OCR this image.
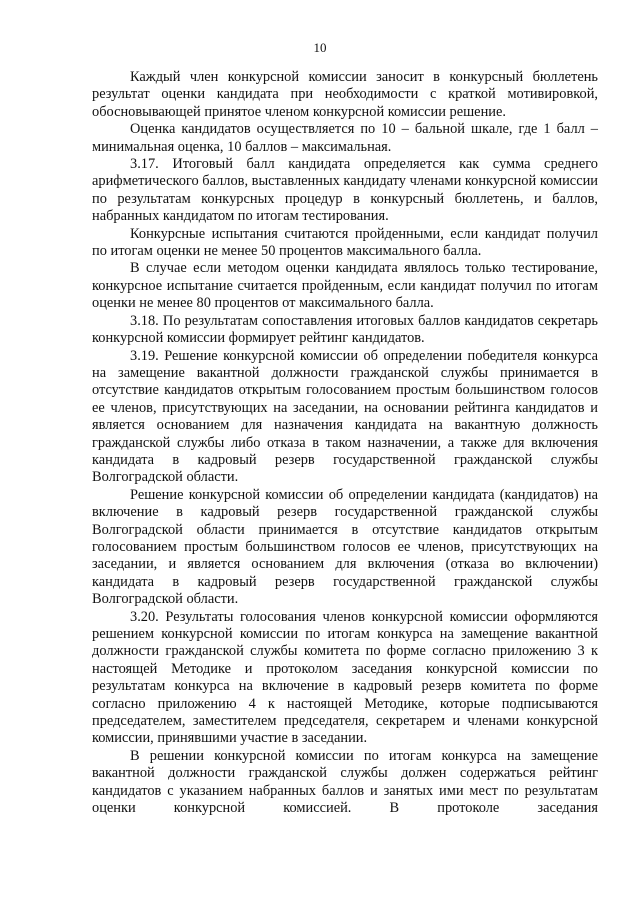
10

Каждый член конкурсной комиссии заносит в конкурсный бюллетень результат оценки кандидата при необходимости с краткой мотивировкой, обосновывающей принятое членом конкурсной комиссии решение.

Оценка кандидатов осуществляется по 10 – бальной шкале, где 1 балл – минимальная оценка, 10 баллов – максимальная.

3.17. Итоговый балл кандидата определяется как сумма среднего арифметического баллов, выставленных кандидату членами конкурсной комиссии по результатам конкурсных процедур в конкурсный бюллетень, и баллов, набранных кандидатом по итогам тестирования.

Конкурсные испытания считаются пройденными, если кандидат получил по итогам оценки не менее 50 процентов максимального балла.

В случае если методом оценки кандидата являлось только тестирование, конкурсное испытание считается пройденным, если кандидат получил по итогам оценки не менее 80 процентов от максимального балла.

3.18. По результатам сопоставления итоговых баллов кандидатов секретарь конкурсной комиссии формирует рейтинг кандидатов.

3.19. Решение конкурсной комиссии об определении победителя конкурса на замещение вакантной должности гражданской службы принимается в отсутствие кандидатов открытым голосованием простым большинством голосов ее членов, присутствующих на заседании, на основании рейтинга кандидатов и является основанием для назначения кандидата на вакантную должность гражданской службы либо отказа в таком назначении, а также для включения кандидата в кадровый резерв государственной гражданской службы Волгоградской области.

Решение конкурсной комиссии об определении кандидата (кандидатов) на включение в кадровый резерв государственной гражданской службы Волгоградской области принимается в отсутствие кандидатов открытым голосованием простым большинством голосов ее членов, присутствующих на заседании, и является основанием для включения (отказа во включении) кандидата в кадровый резерв государственной гражданской службы Волгоградской области.

3.20. Результаты голосования членов конкурсной комиссии оформляются решением конкурсной комиссии по итогам конкурса на замещение вакантной должности гражданской службы комитета по форме согласно приложению 3 к настоящей Методике и протоколом заседания конкурсной комиссии по результатам конкурса на включение в кадровый резерв комитета по форме согласно приложению 4 к настоящей Методике, которые подписываются председателем, заместителем председателя, секретарем и членами конкурсной комиссии, принявшими участие в заседании.

В решении конкурсной комиссии по итогам конкурса на замещение вакантной должности гражданской службы должен содержаться рейтинг кандидатов с указанием набранных баллов и занятых ими мест по результатам оценки конкурсной комиссией. В протоколе заседания
